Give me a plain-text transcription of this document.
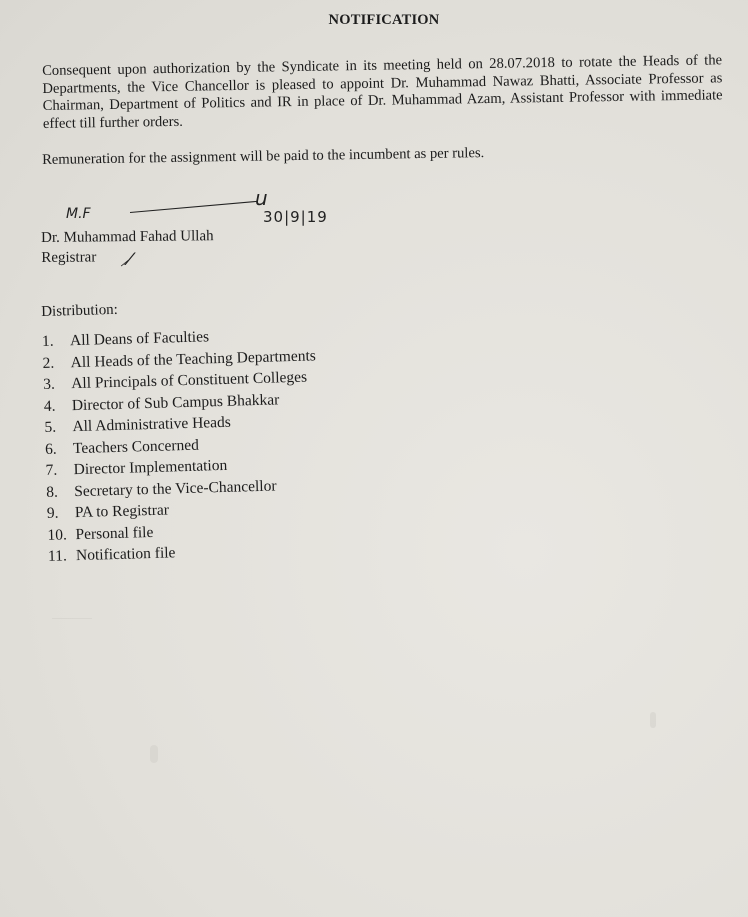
NOTIFICATION
Consequent upon authorization by the Syndicate in its meeting held on 28.07.2018 to rotate the Heads of the Departments, the Vice Chancellor is pleased to appoint Dr. Muhammad Nawaz Bhatti, Associate Professor as Chairman, Department of Politics and IR in place of Dr. Muhammad Azam, Assistant Professor with immediate effect till further orders.
Remuneration for the assignment will be paid to the incumbent as per rules.
M.F
u
30|9|19
Dr. Muhammad Fahad Ullah
Registrar	⸝⁄
Distribution:
1.	All Deans of Faculties
2.	All Heads of the Teaching Departments
3.	All Principals of Constituent Colleges
4.	Director of Sub Campus Bhakkar
5.	All Administrative Heads
6.	Teachers Concerned
7.	Director Implementation
8.	Secretary to the Vice-Chancellor
9.	PA to Registrar
10. Personal file
11. Notification file
